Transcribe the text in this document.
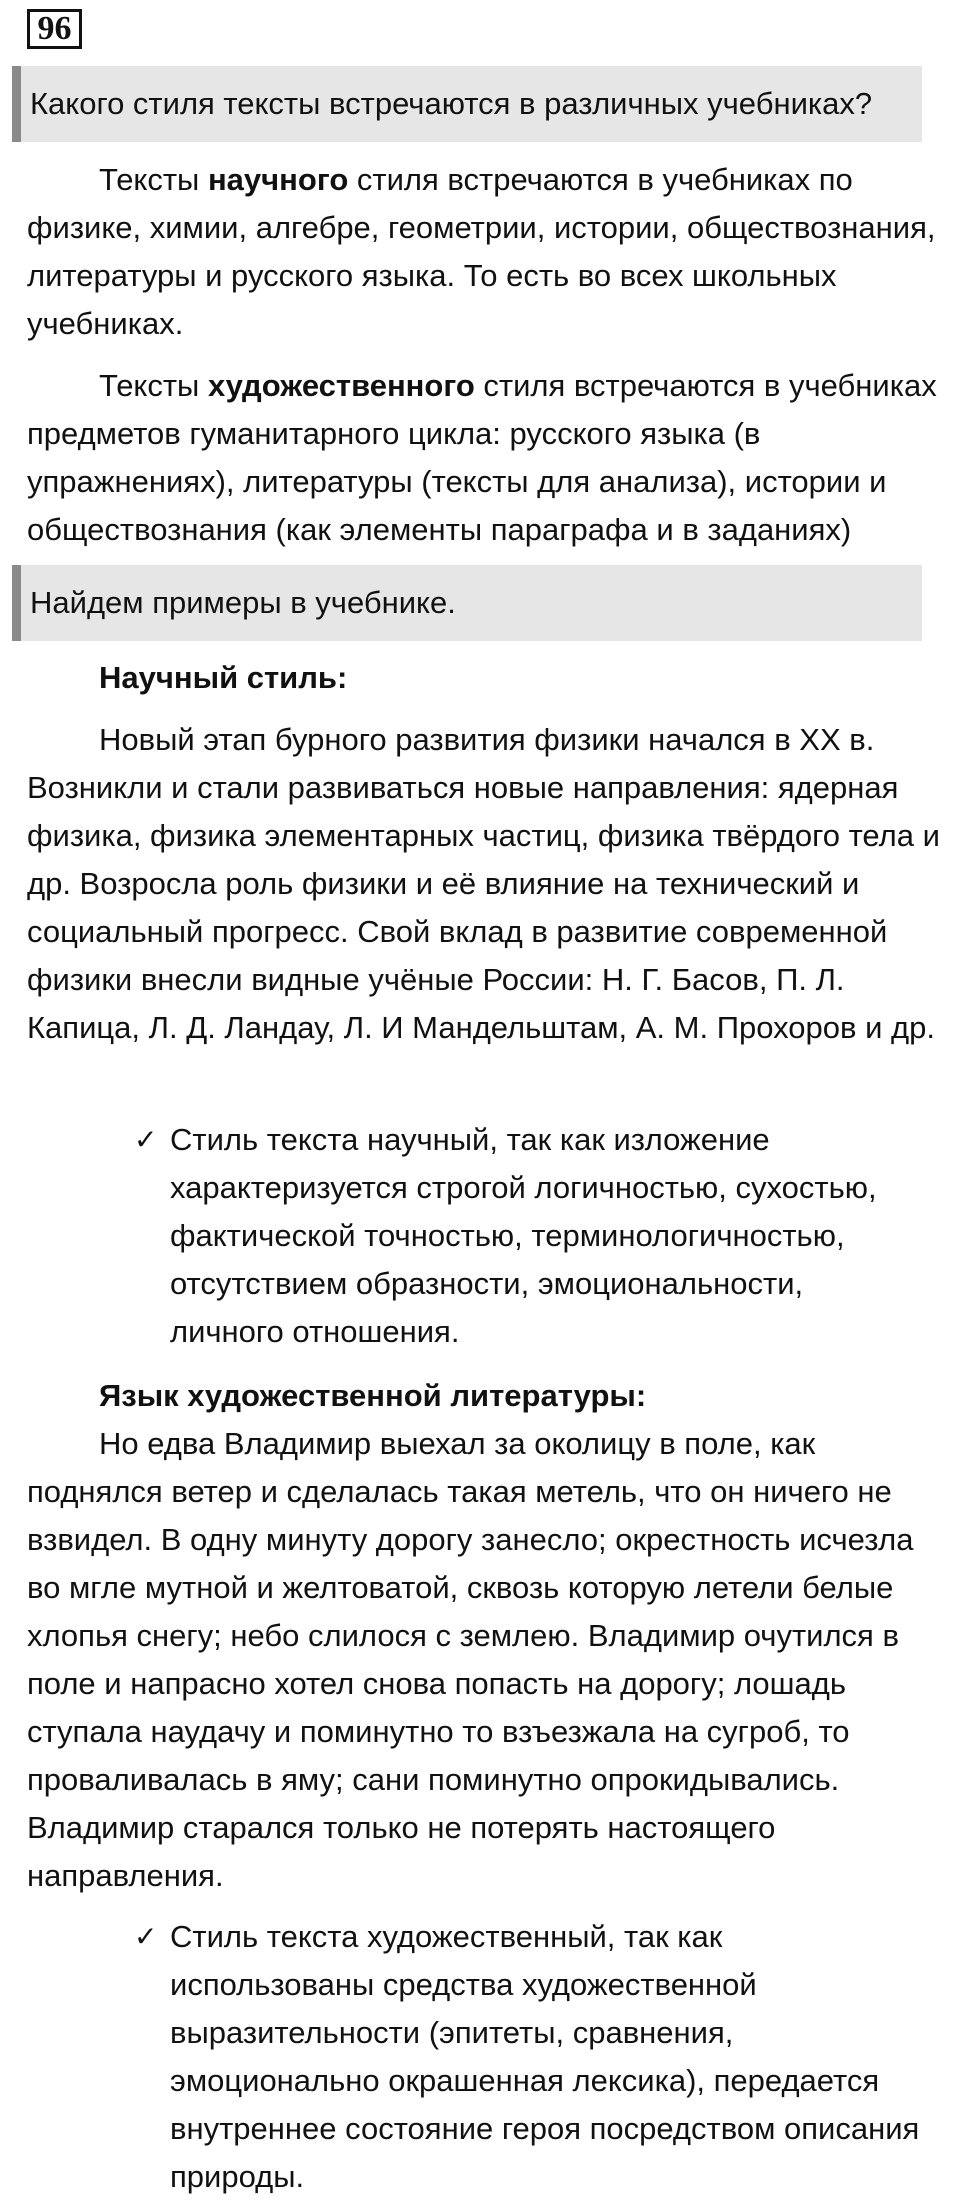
96
Какого стиля тексты встречаются в различных учебниках?

Тексты научного стиля встречаются в учебниках по физике, химии, алгебре, геометрии, истории, обществознания, литературы и русского языка. То есть во всех школьных учебниках.

Тексты художественного стиля встречаются в учебниках предметов гуманитарного цикла: русского языка (в упражнениях), литературы (тексты для анализа), истории и обществознания (как элементы параграфа и в заданиях)

Найдем примеры в учебнике.
Научный стиль:

Новый этап бурного развития физики начался в XX в. Возникли и стали развиваться новые направления: ядерная физика, физика элементарных частиц, физика твёрдого тела и др. Возросла роль физики и её влияние на технический и социальный прогресс. Свой вклад в развитие современной физики внесли видные учёные России: Н. Г. Басов, П. Л. Капица, Л. Д. Ландау, Л. И Мандельштам, А. М. Прохоров и др.

✓ Стиль текста научный, так как изложение характеризуется строгой логичностью, сухостью, фактической точностью, терминологичностью, отсутствием образности, эмоциональности, личного отношения.
Язык художественной литературы:

Но едва Владимир выехал за околицу в поле, как поднялся ветер и сделалась такая метель, что он ничего не взвидел. В одну минуту дорогу занесло; окрестность исчезла во мгле мутной и желтоватой, сквозь которую летели белые хлопья снегу; небо слилося с землею. Владимир очутился в поле и напрасно хотел снова попасть на дорогу; лошадь ступала наудачу и поминутно то взъезжала на сугроб, то проваливалась в яму; сани поминутно опрокидывались. Владимир старался только не потерять настоящего направления.

✓ Стиль текста художественный, так как использованы средства художественной выразительности (эпитеты, сравнения, эмоционально окрашенная лексика), передается внутреннее состояние героя посредством описания природы.
